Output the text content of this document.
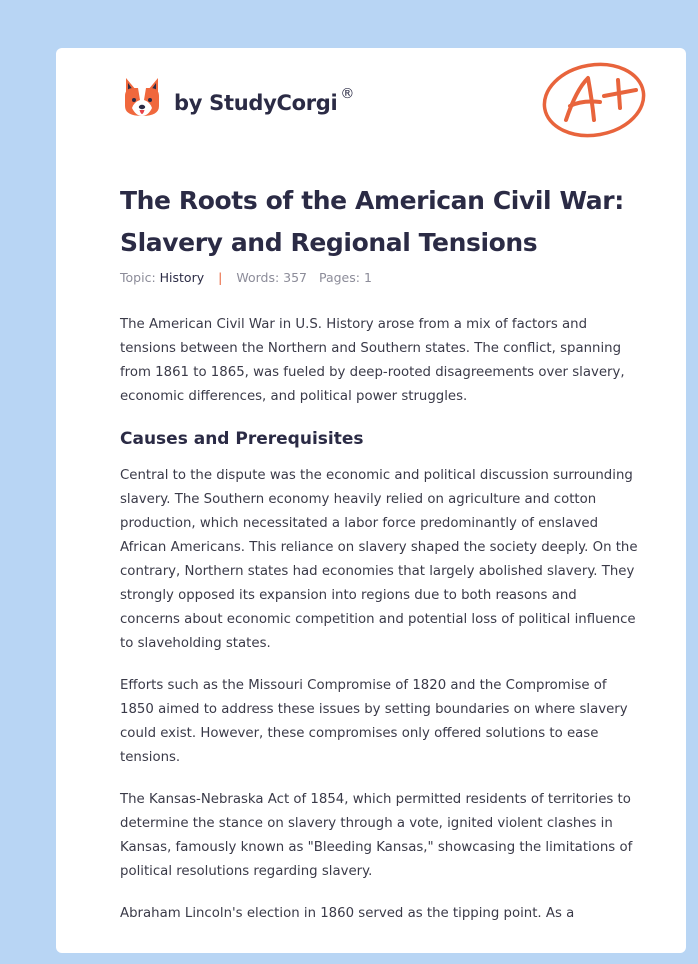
by StudyCorgi ®
The Roots of the American Civil War: Slavery and Regional Tensions
Topic: History | Words: 357 Pages: 1

The American Civil War in U.S. History arose from a mix of factors and tensions between the Northern and Southern states. The conflict, spanning from 1861 to 1865, was fueled by deep-rooted disagreements over slavery, economic differences, and political power struggles.

Causes and Prerequisites

Central to the dispute was the economic and political discussion surrounding slavery. The Southern economy heavily relied on agriculture and cotton production, which necessitated a labor force predominantly of enslaved African Americans. This reliance on slavery shaped the society deeply. On the contrary, Northern states had economies that largely abolished slavery. They strongly opposed its expansion into regions due to both reasons and concerns about economic competition and potential loss of political influence to slaveholding states.

Efforts such as the Missouri Compromise of 1820 and the Compromise of 1850 aimed to address these issues by setting boundaries on where slavery could exist. However, these compromises only offered solutions to ease tensions.

The Kansas-Nebraska Act of 1854, which permitted residents of territories to determine the stance on slavery through a vote, ignited violent clashes in Kansas, famously known as "Bleeding Kansas," showcasing the limitations of political resolutions regarding slavery.

Abraham Lincoln's election in 1860 served as the tipping point. As a
